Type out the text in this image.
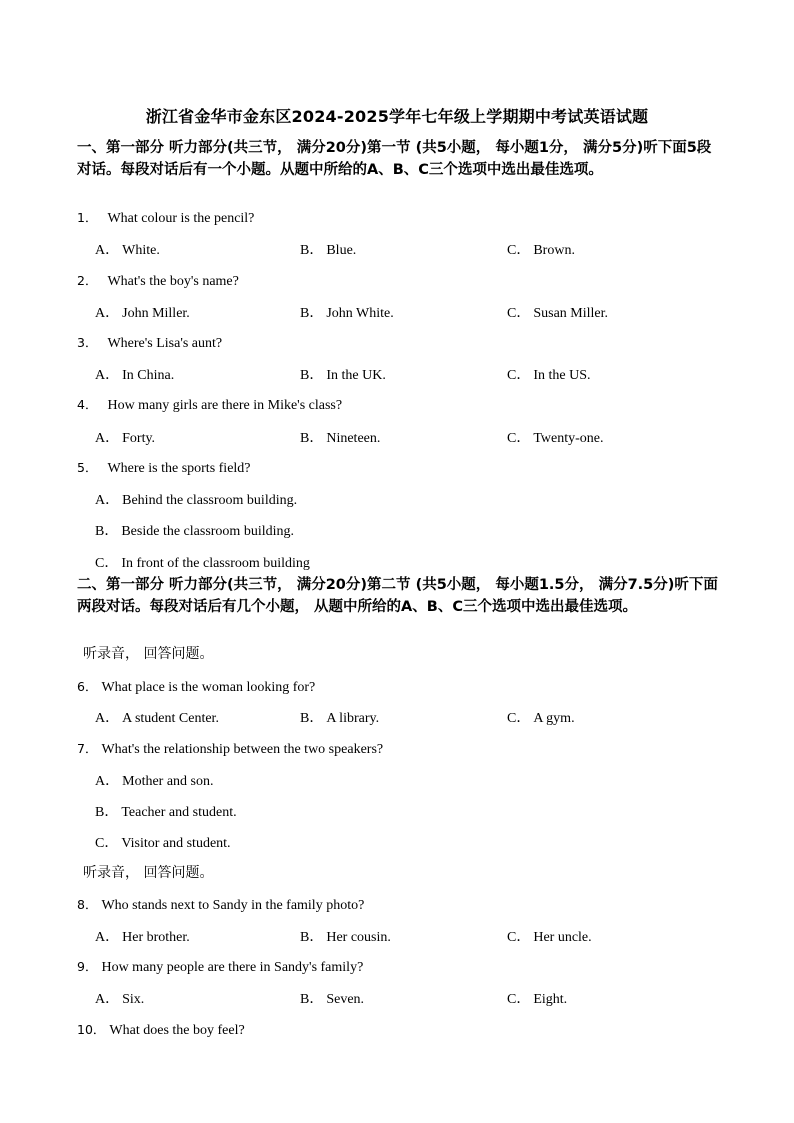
浙江省金华市金东区2024-2025学年七年级上学期期中考试英语试题
一、第一部分 听力部分(共三节， 满分20分)第一节 (共5小题， 每小题1分， 满分5分)听下面5段对话。每段对话后有一个小题。从题中所给的A、B、C三个选项中选出最佳选项。
1． What colour is the pencil?
A． White.	B． Blue.	C． Brown.
2． What's the boy's name?
A． John Miller.	B． John White.	C． Susan Miller.
3． Where's Lisa's aunt?
A． In China.	B． In the UK.	C． In the US.
4． How many girls are there in Mike's class?
A． Forty.	B． Nineteen.	C． Twenty-one.
5． Where is the sports field?
A． Behind the classroom building.
B． Beside the classroom building.
C． In front of the classroom building
二、第一部分 听力部分(共三节， 满分20分)第二节 (共5小题， 每小题1.5分， 满分7.5分)听下面两段对话。每段对话后有几个小题， 从题中所给的A、B、C三个选项中选出最佳选项。
听录音， 回答问题。
6． What place is the woman looking for?
A． A student Center.	B． A library.	C． A gym.
7． What's the relationship between the two speakers?
A． Mother and son.
B． Teacher and student.
C． Visitor and student.
听录音， 回答问题。
8． Who stands next to Sandy in the family photo?
A． Her brother.	B． Her cousin.	C． Her uncle.
9． How many people are there in Sandy's family?
A． Six.	B． Seven.	C． Eight.
10． What does the boy feel?
